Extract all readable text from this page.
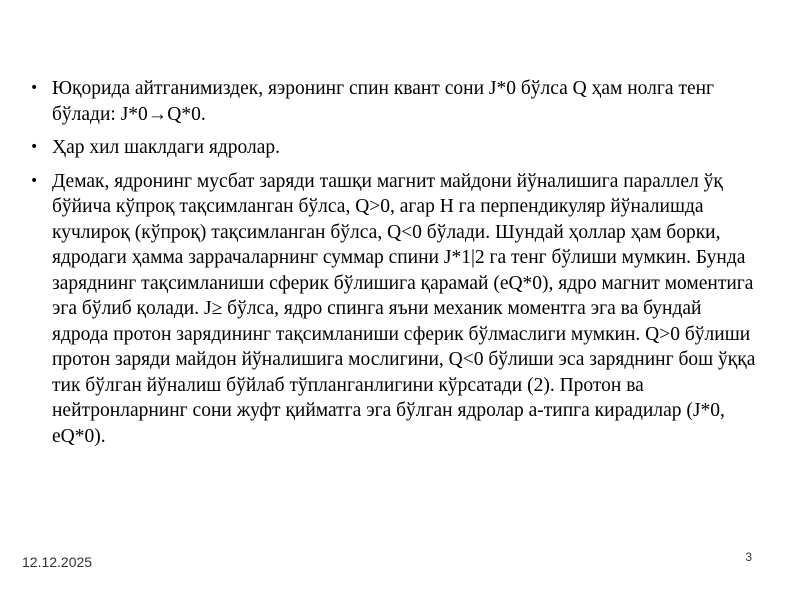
• Юқорида айтганимиздек, яэронинг спин квант сони J*0 бўлса Q ҳам нолга тенг бўлади: J*0→Q*0.
• Ҳар хил шаклдаги ядролар.
• Демак, ядронинг мусбат заряди ташқи магнит майдони йўналишига параллел ўқ бўйича кўпроқ тақсимланган бўлса, Q>0, агар Н га перпендикуляр йўналишда кучлироқ (кўпроқ) тақсимланган бўлса, Q<0 бўлади. Шундай ҳоллар ҳам борки, ядродаги ҳамма заррачаларнинг суммар спини J*1|2 га тенг бўлиши мумкин. Бунда заряднинг тақсимланиши сферик бўлишига қарамай (eQ*0), ядро магнит моментига эга бўлиб қолади. J≥ бўлса, ядро спинга яъни механик моментга эга ва бундай ядрода протон зарядининг тақсимланиши сферик бўлмаслиги мумкин. Q>0 бўлиши протон заряди майдон йўналишига мослигини, Q<0 бўлиши эса заряднинг бош ўққа тик бўлган йўналиш бўйлаб тўпланганлигини кўрсатади (2). Протон ва нейтронларнинг сони жуфт қийматга эга бўлган ядролар а-типга кирадилар (J*0, eQ*0).
12.12.2025	3
